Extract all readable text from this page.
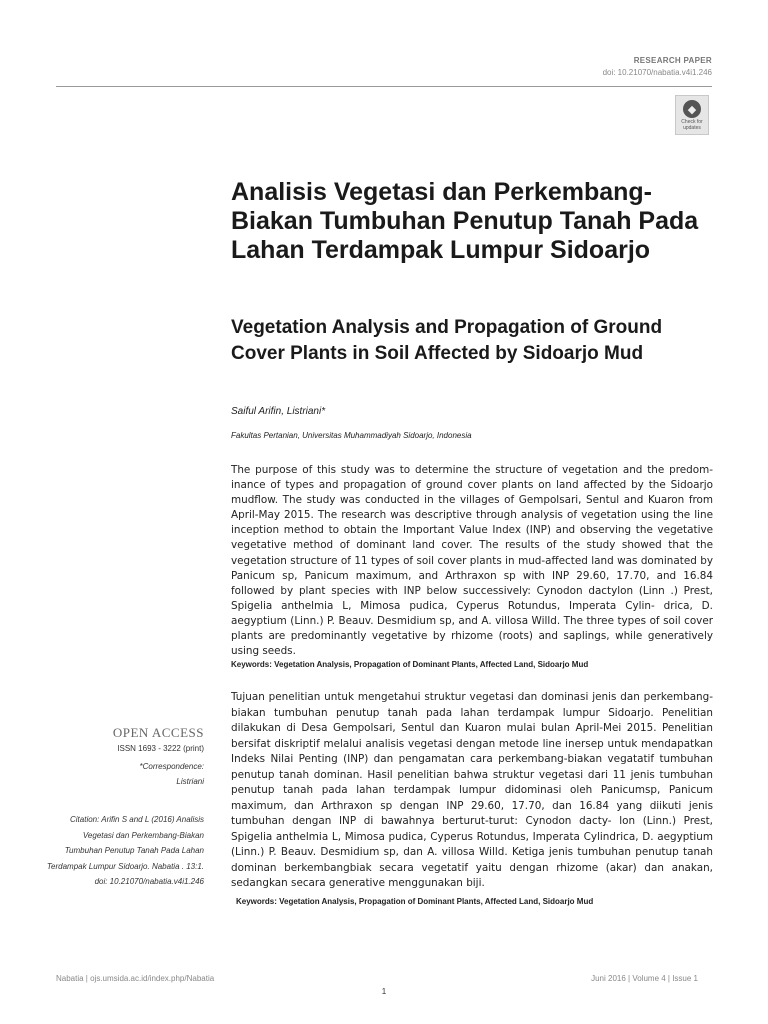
RESEARCH PAPER
doi: 10.21070/nabatia.v4i1.246
◆
Check for
updates
Analisis Vegetasi dan Perkembang-Biakan Tumbuhan Penutup Tanah Pada Lahan Terdampak Lumpur Sidoarjo
Vegetation Analysis and Propagation of Ground Cover Plants in Soil Affected by Sidoarjo Mud
Saiful Arifin, Listriani*
Fakultas Pertanian, Universitas Muhammadiyah Sidoarjo, Indonesia

The purpose of this study was to determine the structure of vegetation and the predom- inance of types and propagation of ground cover plants on land affected by the Sidoarjo mudflow. The study was conducted in the villages of Gempolsari, Sentul and Kuaron from April-May 2015. The research was descriptive through analysis of vegetation using the line inception method to obtain the Important Value Index (INP) and observing the vegetative vegetative method of dominant land cover. The results of the study showed that the vegetation structure of 11 types of soil cover plants in mud-affected land was dominated by Panicum sp, Panicum maximum, and Arthraxon sp with INP 29.60, 17.70, and 16.84 followed by plant species with INP below successively: Cynodon dactylon (Linn .) Prest, Spigelia anthelmia L, Mimosa pudica, Cyperus Rotundus, Imperata Cylin- drica, D. aegyptium (Linn.) P. Beauv. Desmidium sp, and A. villosa Willd. The three types of soil cover plants are predominantly vegetative by rhizome (roots) and saplings, while generatively using seeds.

Keywords: Vegetation Analysis, Propagation of Dominant Plants, Affected Land, Sidoarjo Mud

Tujuan penelitian untuk mengetahui struktur vegetasi dan dominasi jenis dan perkembang-biakan tumbuhan penutup tanah pada lahan terdampak lumpur Sidoarjo. Penelitian dilakukan di Desa Gempolsari, Sentul dan Kuaron mulai bulan April-Mei 2015. Penelitian bersifat diskriptif melalui analisis vegetasi dengan metode line inersep untuk mendapatkan Indeks Nilai Penting (INP) dan pengamatan cara perkembang-biakan vegatatif tumbuhan penutup tanah dominan. Hasil penelitian bahwa struktur vegetasi dari 11 jenis tumbuhan penutup tanah pada lahan terdampak lumpur didominasi oleh Panicumsp, Panicum maximum, dan Arthraxon sp dengan INP 29.60, 17.70, dan 16.84 yang diikuti jenis tumbuhan dengan INP di bawahnya berturut-turut: Cynodon dacty- lon (Linn.) Prest, Spigelia anthelmia L, Mimosa pudica, Cyperus Rotundus, Imperata Cylindrica, D. aegyptium (Linn.) P. Beauv. Desmidium sp, dan A. villosa Willd. Ketiga jenis tumbuhan penutup tanah dominan berkembangbiak secara vegetatif yaitu dengan rhizome (akar) dan anakan, sedangkan secara generative menggunakan biji.

Keywords: Vegetation Analysis, Propagation of Dominant Plants, Affected Land, Sidoarjo Mud
OPEN ACCESS
ISSN 1693 - 3222 (print)
*Correspondence:
Listriani
Citation: Arifin S and L (2016) Analisis Vegetasi dan Perkembang-Biakan Tumbuhan Penutup Tanah Pada Lahan Terdampak Lumpur Sidoarjo. Nabatia . 13:1. doi: 10.21070/nabatia.v4i1.246
Nabatia | ojs.umsida.ac.id/index.php/Nabatia	Juni 2016 | Volume 4 | Issue 1
1
